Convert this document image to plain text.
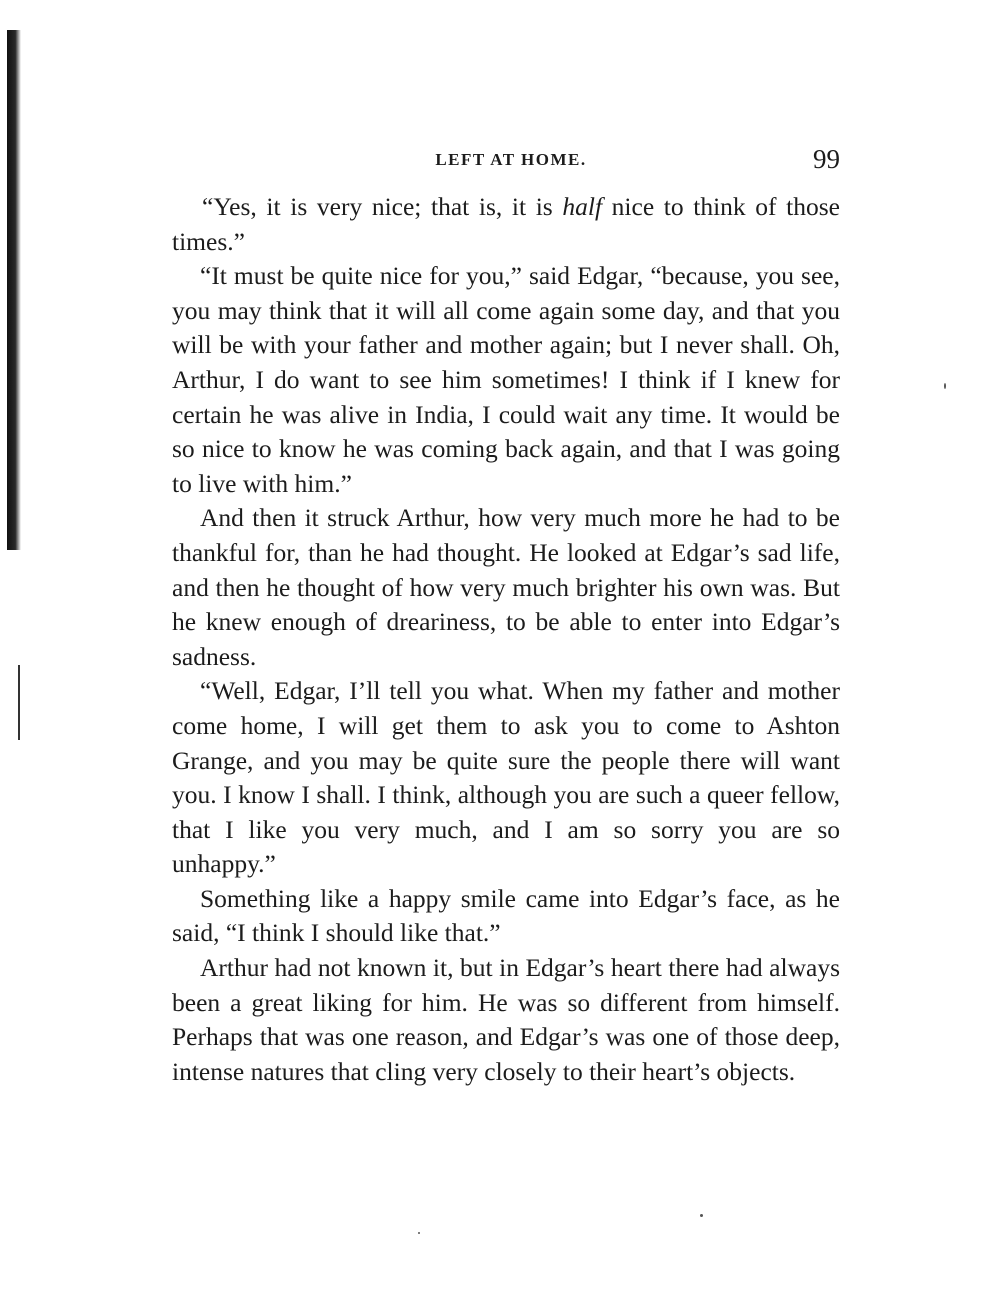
LEFT AT HOME.	99

“Yes, it is very nice; that is, it is half nice to think of those times.”

“It must be quite nice for you,” said Edgar, “because, you see, you may think that it will all come again some day, and that you will be with your father and mother again; but I never shall. Oh, Arthur, I do want to see him sometimes! I think if I knew for certain he was alive in India, I could wait any time. It would be so nice to know he was coming back again, and that I was going to live with him.”

And then it struck Arthur, how very much more he had to be thankful for, than he had thought. He looked at Edgar’s sad life, and then he thought of how very much brighter his own was. But he knew enough of dreariness, to be able to enter into Edgar’s sadness.

“Well, Edgar, I’ll tell you what. When my father and mother come home, I will get them to ask you to come to Ashton Grange, and you may be quite sure the people there will want you. I know I shall. I think, although you are such a queer fellow, that I like you very much, and I am so sorry you are so unhappy.”

Something like a happy smile came into Edgar’s face, as he said, “I think I should like that.”

Arthur had not known it, but in Edgar’s heart there had always been a great liking for him. He was so different from himself. Perhaps that was one reason, and Edgar’s was one of those deep, intense natures that cling very closely to their heart’s objects.
